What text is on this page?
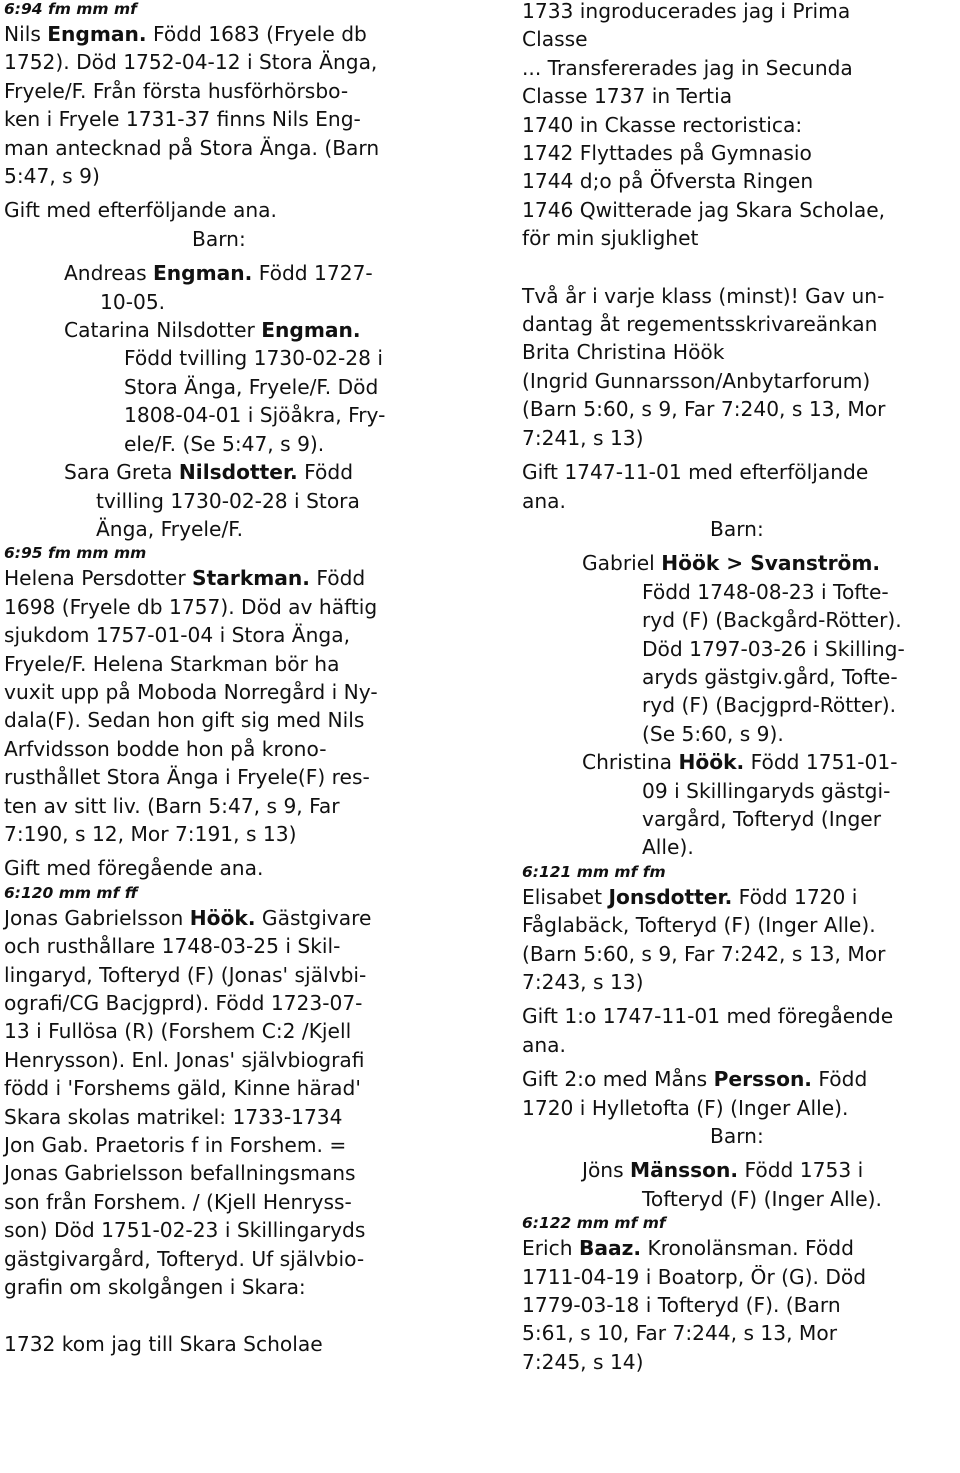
6:94 fm mm mf

Nils Engman. Född 1683 (Fryele db

1752). Död 1752-04-12 i Stora Änga,

Fryele/F. Från första husförhörsbo-

ken i Fryele 1731-37 finns Nils Eng-

man antecknad på Stora Änga. (Barn

5:47, s 9)

Gift med efterföljande ana.

Barn:

Andreas Engman. Född 1727-

10-05.

Catarina Nilsdotter Engman.

Född tvilling 1730-02-28 i

Stora Änga, Fryele/F. Död

1808-04-01 i Sjöåkra, Fry-

ele/F. (Se 5:47, s 9).

Sara Greta Nilsdotter. Född

tvilling 1730-02-28 i Stora

Änga, Fryele/F.

6:95 fm mm mm

Helena Persdotter Starkman. Född

1698 (Fryele db 1757). Död av häftig

sjukdom 1757-01-04 i Stora Änga,

Fryele/F. Helena Starkman bör ha

vuxit upp på Moboda Norregård i Ny-

dala(F). Sedan hon gift sig med Nils

Arfvidsson bodde hon på krono-

rusthållet Stora Änga i Fryele(F) res-

ten av sitt liv. (Barn 5:47, s 9, Far

7:190, s 12, Mor 7:191, s 13)

Gift med föregående ana.

6:120 mm mf ff

Jonas Gabrielsson Höök. Gästgivare

och rusthållare 1748-03-25 i Skil-

lingaryd, Tofteryd (F) (Jonas' självbi-

ografi/CG Bacjgprd). Född 1723-07-

13 i Fullösa (R) (Forshem C:2 /Kjell

Henrysson). Enl. Jonas' självbiografi

född i 'Forshems gäld, Kinne härad'

Skara skolas matrikel: 1733-1734

Jon Gab. Praetoris f in Forshem. =

Jonas Gabrielsson befallningsmans

son från Forshem. / (Kjell Henryss-

son) Död 1751-02-23 i Skillingaryds

gästgivargård, Tofteryd. Uf självbio-

grafin om skolgången i Skara:

1732 kom jag till Skara Scholae

1733 ingroducerades jag i Prima

Classe

... Transfererades jag in Secunda

Classe 1737 in Tertia

1740 in Ckasse rectoristica:

1742 Flyttades på Gymnasio

1744 d;o på Öfversta Ringen

1746 Qwitterade jag Skara Scholae,

för min sjuklighet

Två år i varje klass (minst)! Gav un-

dantag åt regementsskrivareänkan

Brita Christina Höök

(Ingrid Gunnarsson/Anbytarforum)

(Barn 5:60, s 9, Far 7:240, s 13, Mor

7:241, s 13)

Gift 1747-11-01 med efterföljande

ana.

Barn:

Gabriel Höök > Svanström.

Född 1748-08-23 i Tofte-

ryd (F) (Backgård-Rötter).

Död 1797-03-26 i Skilling-

aryds gästgiv.gård, Tofte-

ryd (F) (Bacjgprd-Rötter).

(Se 5:60, s 9).

Christina Höök. Född 1751-01-

09 i Skillingaryds gästgi-

vargård, Tofteryd (Inger

Alle).

6:121 mm mf fm

Elisabet Jonsdotter. Född 1720 i

Fåglabäck, Tofteryd (F) (Inger Alle).

(Barn 5:60, s 9, Far 7:242, s 13, Mor

7:243, s 13)

Gift 1:o 1747-11-01 med föregående

ana.

Gift 2:o med Måns Persson. Född

1720 i Hylletofta (F) (Inger Alle).

Barn:

Jöns Mänsson. Född 1753 i

Tofteryd (F) (Inger Alle).

6:122 mm mf mf

Erich Baaz. Kronolänsman. Född

1711-04-19 i Boatorp, Ör (G). Död

1779-03-18 i Tofteryd (F). (Barn

5:61, s 10, Far 7:244, s 13, Mor

7:245, s 14)
